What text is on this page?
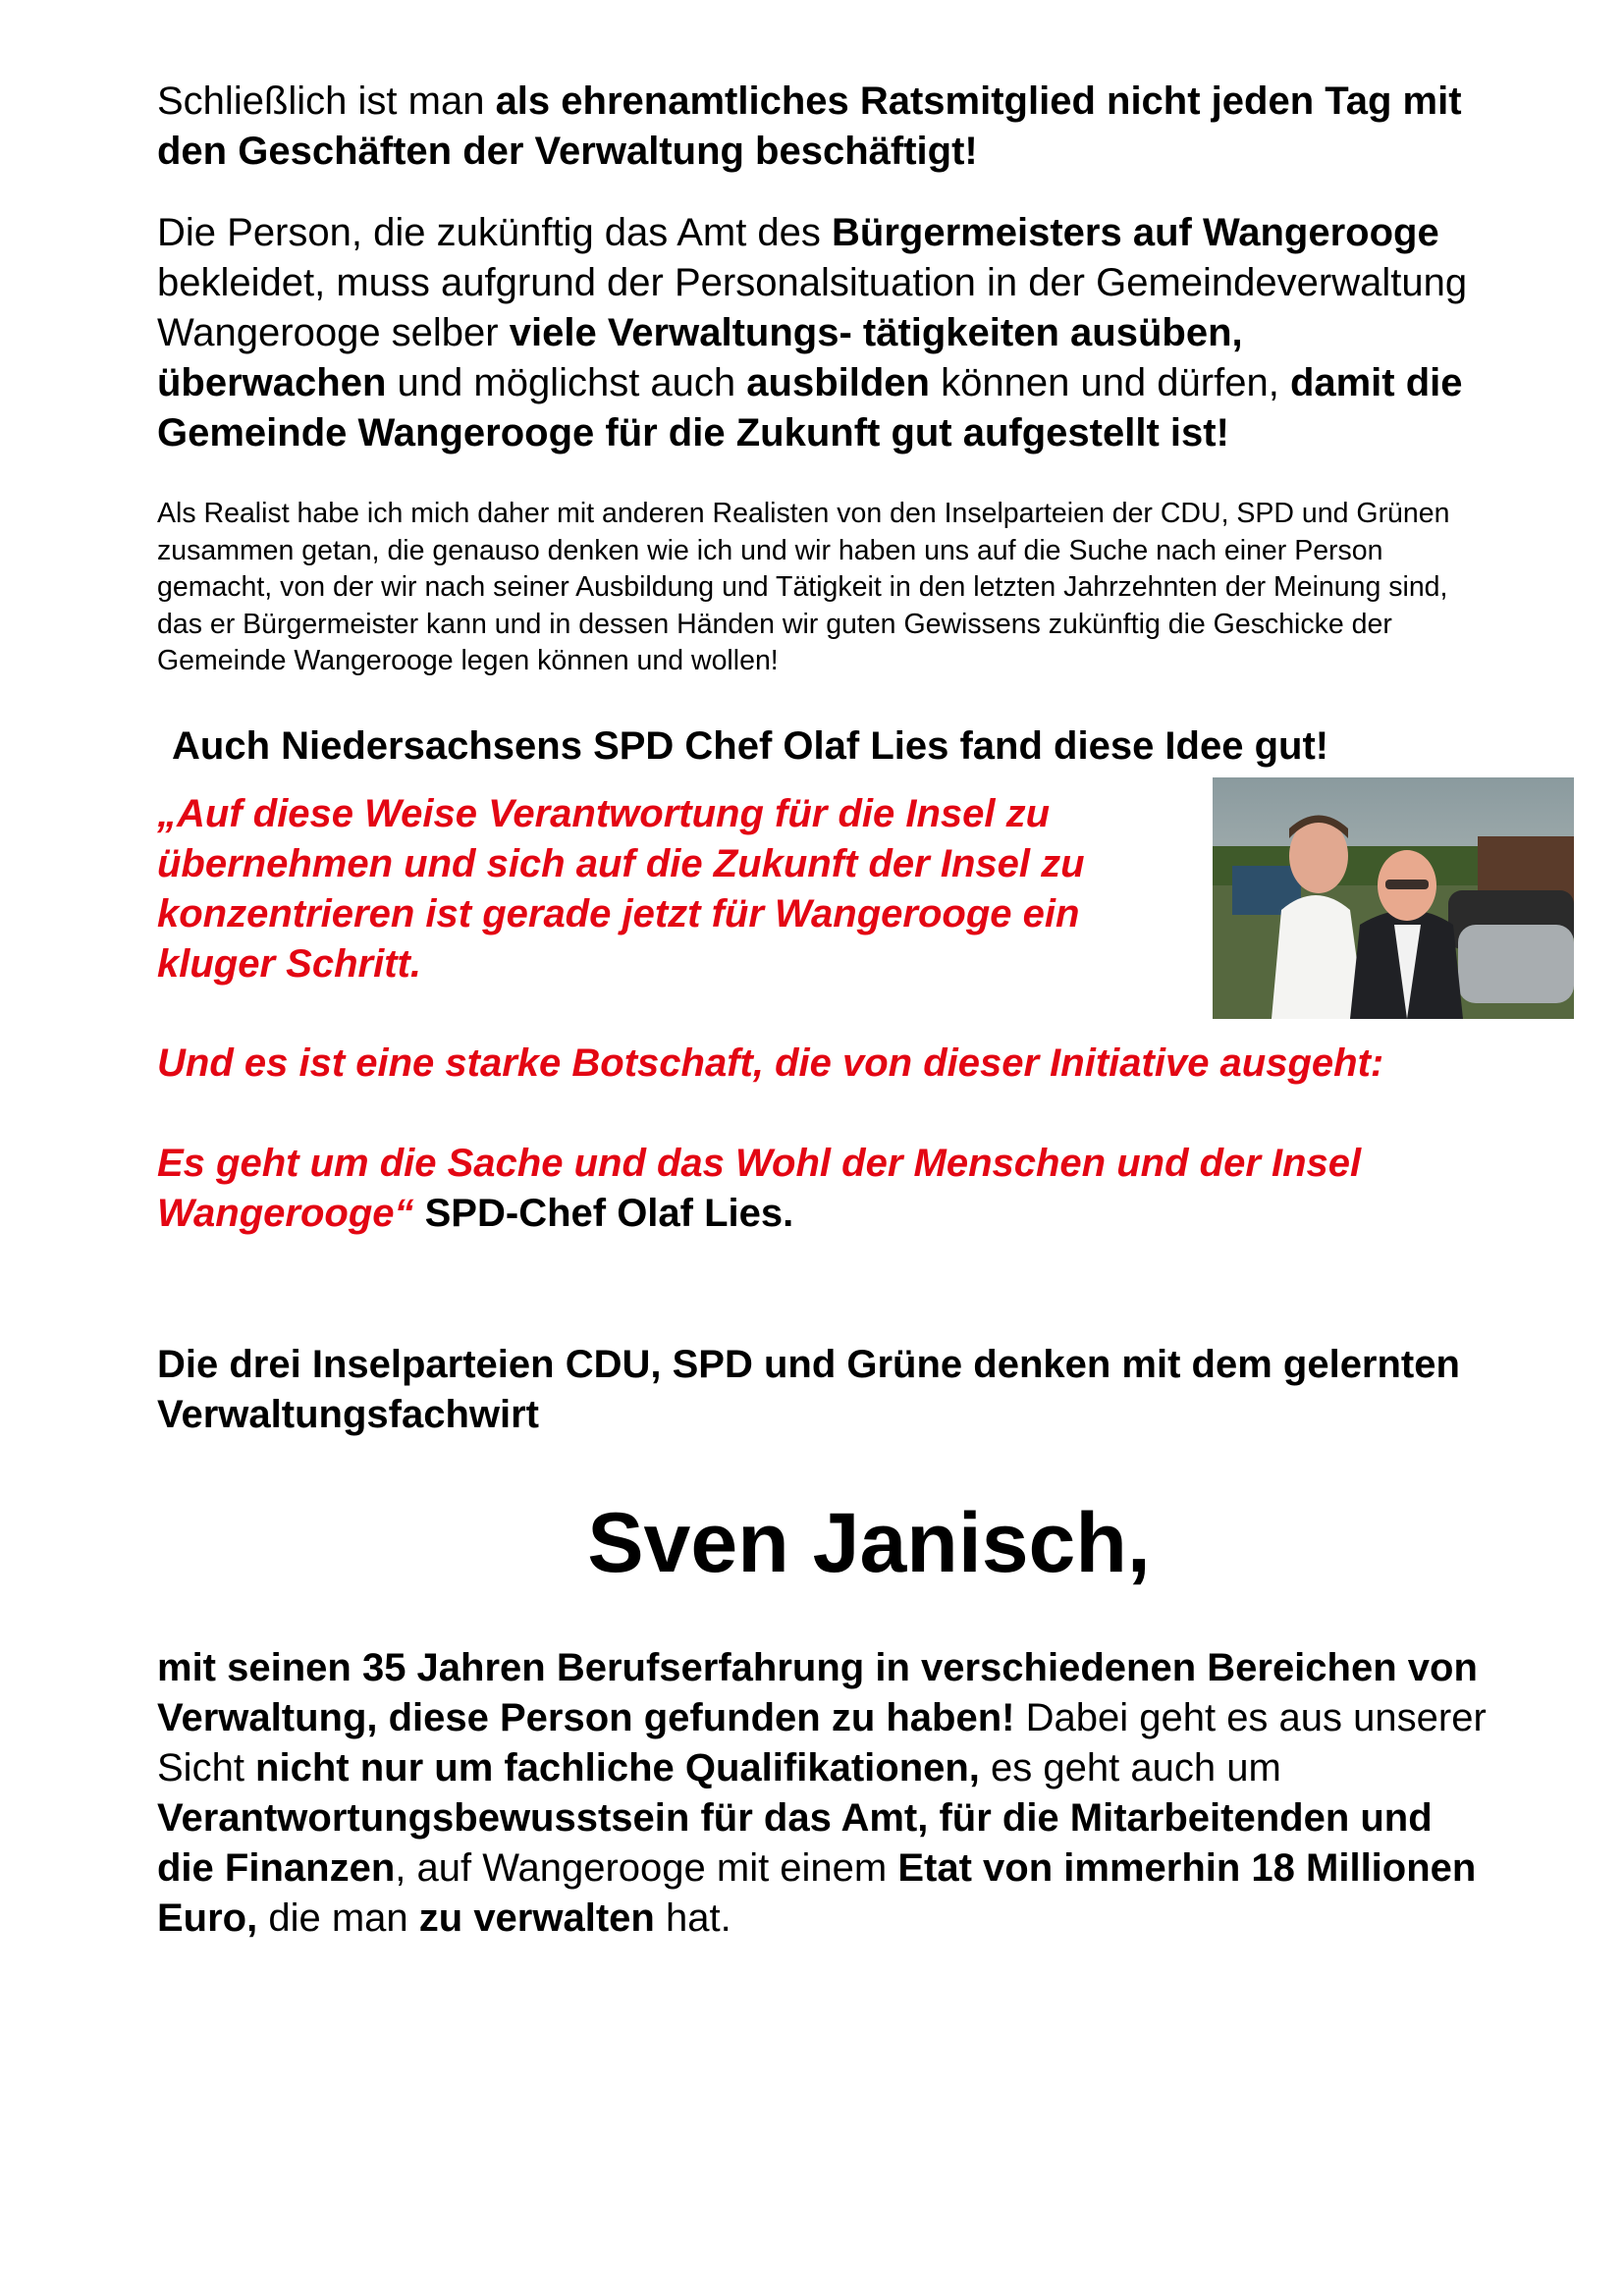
Schließlich ist man als ehrenamtliches Ratsmitglied nicht jeden Tag mit den Geschäften der Verwaltung beschäftigt!

Die Person, die zukünftig das Amt des Bürgermeisters auf Wangerooge bekleidet, muss aufgrund der Personalsituation in der Gemeindeverwaltung Wangerooge selber viele Verwaltungs- tätigkeiten ausüben, überwachen und möglichst auch ausbilden können und dürfen, damit die Gemeinde Wangerooge für die Zukunft gut aufgestellt ist!

Als Realist habe ich mich daher mit anderen Realisten von den Inselparteien der CDU, SPD und Grünen zusammen getan, die genauso denken wie ich und wir haben uns auf die Suche nach einer Person gemacht, von der wir nach seiner Ausbildung und Tätigkeit in den letzten Jahrzehnten der Meinung sind, das er Bürgermeister kann und in dessen Händen wir guten Gewissens zukünftig die Geschicke der Gemeinde Wangerooge legen können und wollen!

Auch Niedersachsens SPD Chef Olaf Lies fand diese Idee gut!

„Auf diese Weise Verantwortung für die Insel zu übernehmen und sich auf die Zukunft der Insel zu konzentrieren ist gerade jetzt für Wangerooge ein kluger Schritt.

Und es ist eine starke Botschaft, die von dieser Initiative ausgeht:

Es geht um die Sache und das Wohl der Menschen und der Insel Wangerooge“ SPD-Chef Olaf Lies.

Die drei Inselparteien CDU, SPD und Grüne denken mit dem gelernten Verwaltungsfachwirt

Sven Janisch,

mit seinen 35 Jahren Berufserfahrung in verschiedenen Bereichen von Verwaltung, diese Person gefunden zu haben! Dabei geht es aus unserer Sicht nicht nur um fachliche Qualifikationen, es geht auch um Verantwortungsbewusstsein für das Amt, für die Mitarbeitenden und die Finanzen, auf Wangerooge mit einem Etat von immerhin 18 Millionen Euro, die man zu verwalten hat.
